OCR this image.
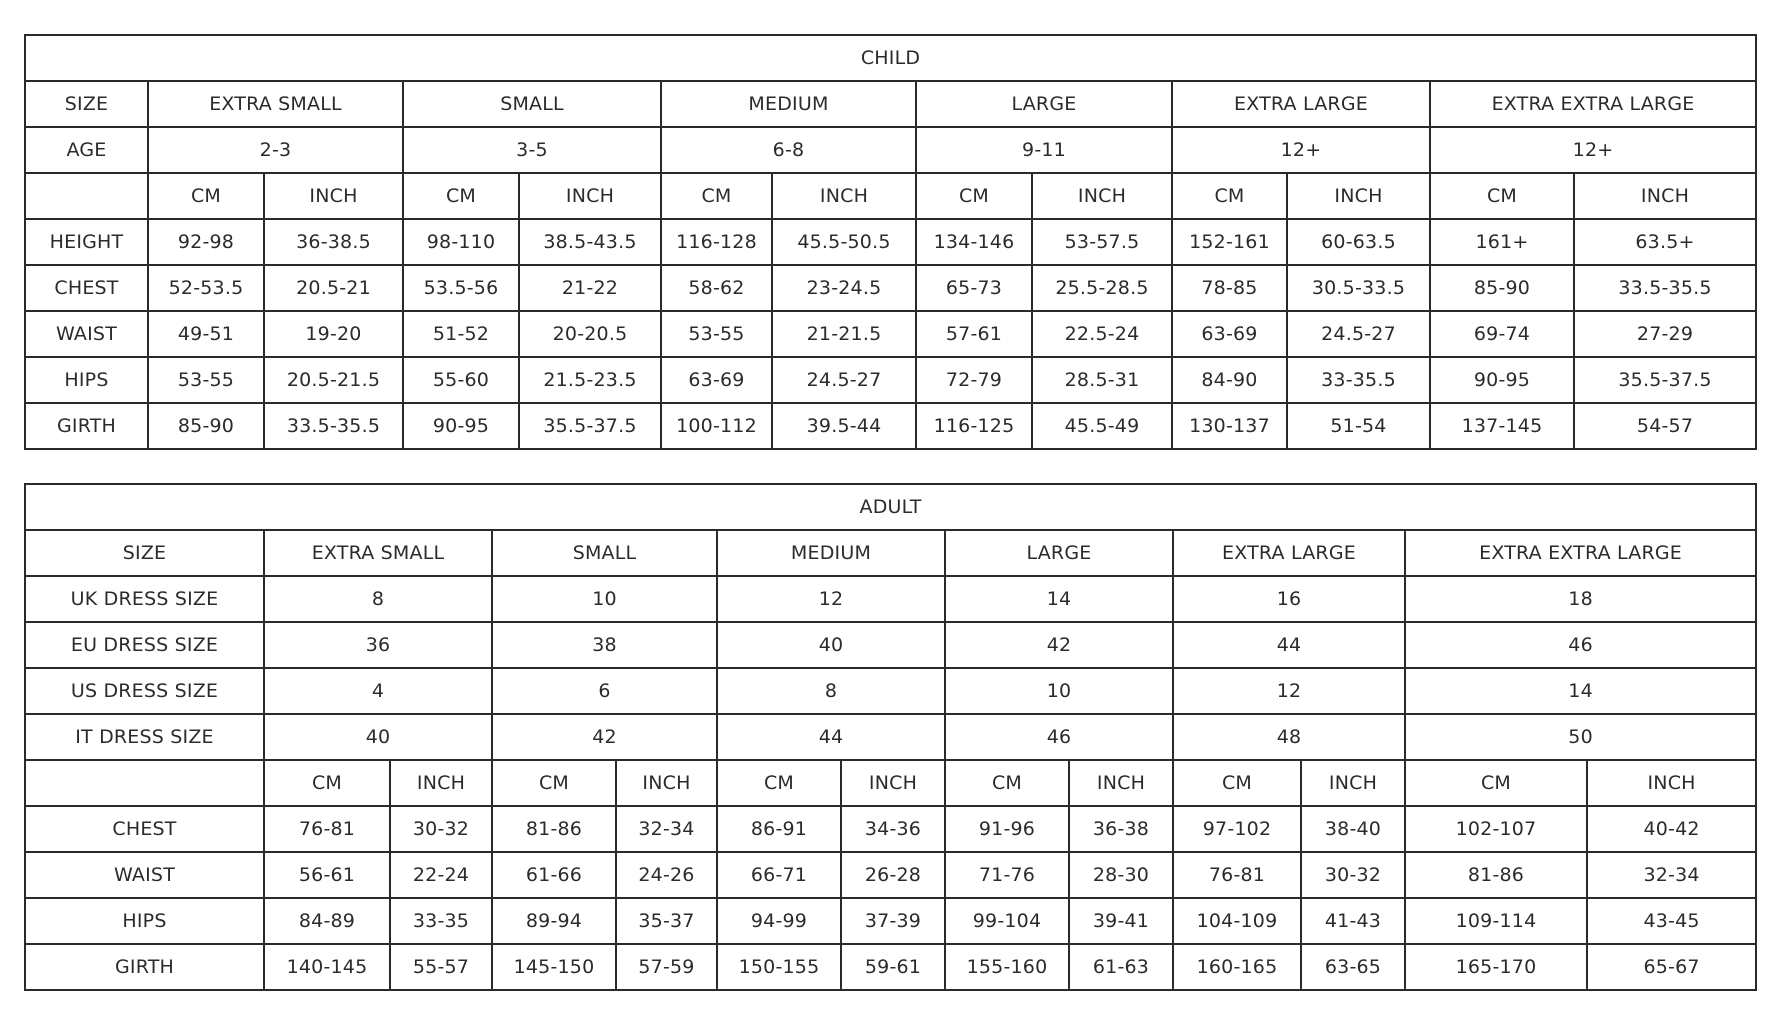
CHILD												
SIZE	EXTRA SMALL		SMALL		MEDIUM		LARGE		EXTRA LARGE		EXTRA EXTRA LARGE	
AGE	2-3		3-5		6-8		9-11		12+		12+	
	CM	INCH	CM	INCH	CM	INCH	CM	INCH	CM	INCH	CM	INCH
HEIGHT	92-98	36-38.5	98-110	38.5-43.5	116-128	45.5-50.5	134-146	53-57.5	152-161	60-63.5	161+	63.5+
CHEST	52-53.5	20.5-21	53.5-56	21-22	58-62	23-24.5	65-73	25.5-28.5	78-85	30.5-33.5	85-90	33.5-35.5
WAIST	49-51	19-20	51-52	20-20.5	53-55	21-21.5	57-61	22.5-24	63-69	24.5-27	69-74	27-29
HIPS	53-55	20.5-21.5	55-60	21.5-23.5	63-69	24.5-27	72-79	28.5-31	84-90	33-35.5	90-95	35.5-37.5
GIRTH	85-90	33.5-35.5	90-95	35.5-37.5	100-112	39.5-44	116-125	45.5-49	130-137	51-54	137-145	54-57
ADULT												
SIZE	EXTRA SMALL		SMALL		MEDIUM		LARGE		EXTRA LARGE		EXTRA EXTRA LARGE	
UK DRESS SIZE	8		10		12		14		16		18	
EU DRESS SIZE	36		38		40		42		44		46	
US DRESS SIZE	4		6		8		10		12		14	
IT DRESS SIZE	40		42		44		46		48		50	
	CM	INCH	CM	INCH	CM	INCH	CM	INCH	CM	INCH	CM	INCH
CHEST	76-81	30-32	81-86	32-34	86-91	34-36	91-96	36-38	97-102	38-40	102-107	40-42
WAIST	56-61	22-24	61-66	24-26	66-71	26-28	71-76	28-30	76-81	30-32	81-86	32-34
HIPS	84-89	33-35	89-94	35-37	94-99	37-39	99-104	39-41	104-109	41-43	109-114	43-45
GIRTH	140-145	55-57	145-150	57-59	150-155	59-61	155-160	61-63	160-165	63-65	165-170	65-67
